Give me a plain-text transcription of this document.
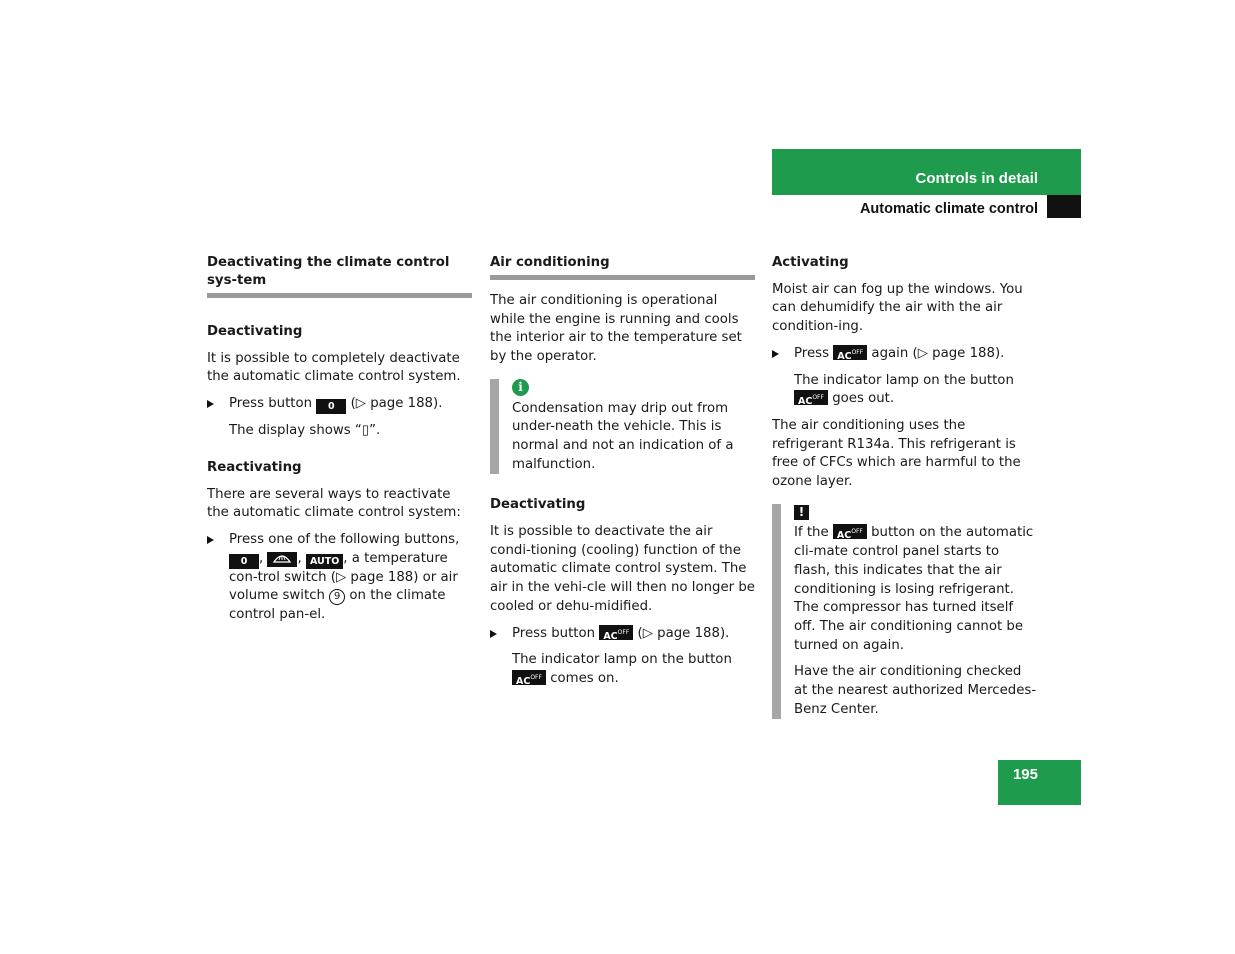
Controls in detail
Automatic climate control
Deactivating the climate control sys-tem
Deactivating

It is possible to completely deactivate the automatic climate control system.

Press button 0 (▷ page 188).

The display shows “▯”.

Reactivating

There are several ways to reactivate the automatic climate control system:

Press one of the following buttons, 0 , , AUTO , a temperature con-trol switch (▷ page 188) or air volume switch 9 on the climate control pan-el.
Air conditioning

The air conditioning is operational while the engine is running and cools the interior air to the temperature set by the operator.

i

Condensation may drip out from under-neath the vehicle. This is normal and not an indication of a malfunction.

Deactivating

It is possible to deactivate the air condi-tioning (cooling) function of the automatic climate control system. The air in the vehi-cle will then no longer be cooled or dehu-midified.

Press button $AC^{OFF}$ (▷ page 188).

The indicator lamp on the button $AC^{OFF}$ comes on.

Activating

Moist air can fog up the windows. You can dehumidify the air with the air condition-ing.

Press $AC^{OFF}$ again (▷ page 188).

The indicator lamp on the button $AC^{OFF}$ goes out.

The air conditioning uses the refrigerant R134a. This refrigerant is free of CFCs which are harmful to the ozone layer.

!

If the $AC^{OFF}$ button on the automatic cli-mate control panel starts to flash, this indicates that the air conditioning is losing refrigerant. The compressor has turned itself off. The air conditioning cannot be turned on again.

Have the air conditioning checked at the nearest authorized Mercedes-Benz Center.

195
